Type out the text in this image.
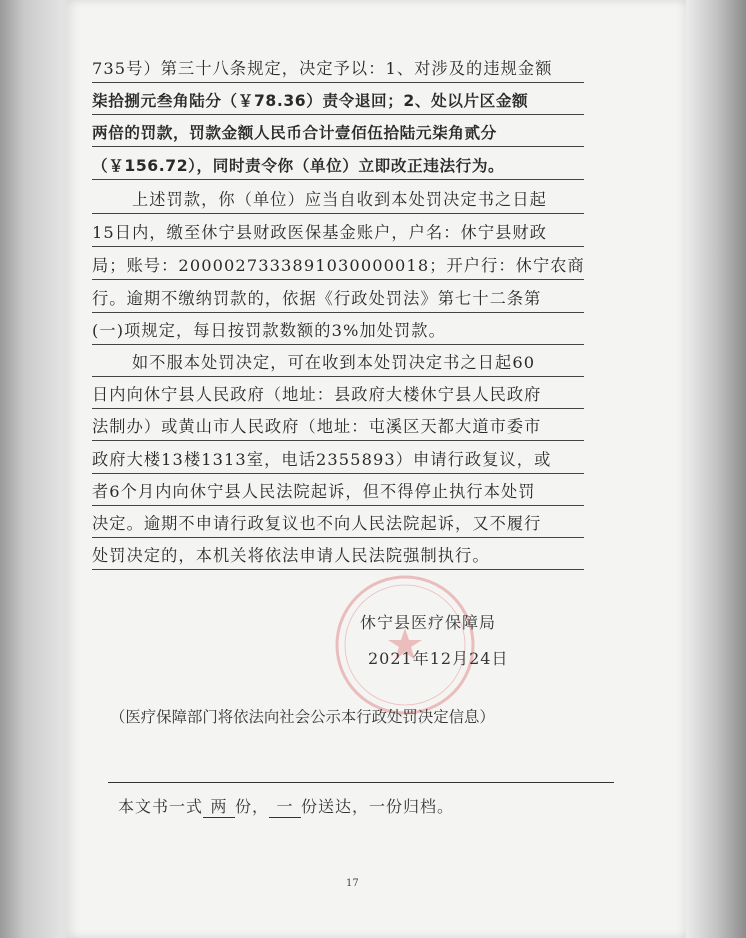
735号）第三十八条规定，决定予以：1、对涉及的违规金额
柒拾捌元叁角陆分（￥78.36）责令退回；2、处以片区金额
两倍的罚款，罚款金额人民币合计壹佰伍拾陆元柒角贰分
（￥156.72），同时责令你（单位）立即改正违法行为。
上述罚款，你（单位）应当自收到本处罚决定书之日起
15日内，缴至休宁县财政医保基金账户，户名：休宁县财政
局；账号：2000027333891030000018；开户行：休宁农商
行。逾期不缴纳罚款的，依据《行政处罚法》第七十二条第
(一)项规定，每日按罚款数额的3%加处罚款。
如不服本处罚决定，可在收到本处罚决定书之日起60
日内向休宁县人民政府（地址：县政府大楼休宁县人民政府
法制办）或黄山市人民政府（地址：屯溪区天都大道市委市
政府大楼13楼1313室，电话2355893）申请行政复议，或
者6个月内向休宁县人民法院起诉，但不得停止执行本处罚
决定。逾期不申请行政复议也不向人民法院起诉，又不履行
处罚决定的，本机关将依法申请人民法院强制执行。
休宁县医疗保障局
2021年12月24日
（医疗保障部门将依法向社会公示本行政处罚决定信息）
本文书一式 两 份， 一 份送达，一份归档。
17
